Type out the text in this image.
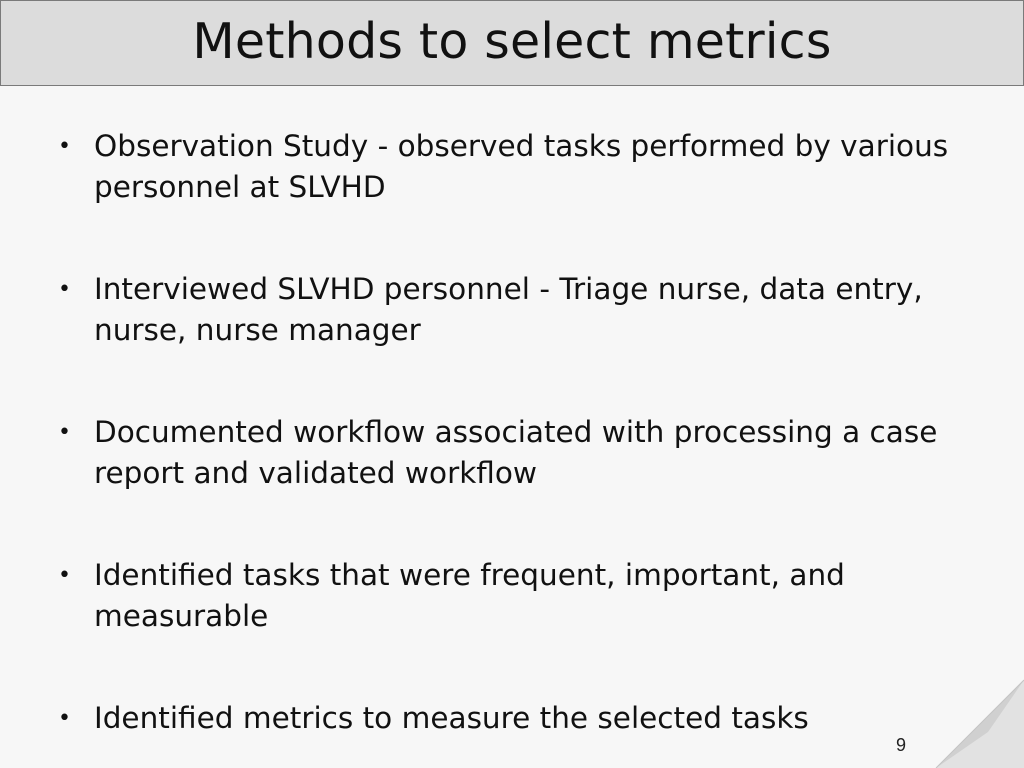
Methods to select metrics
• Observation Study - observed tasks performed by various personnel at SLVHD
• Interviewed SLVHD personnel - Triage nurse, data entry, nurse, nurse manager
• Documented workflow associated with processing a case report and validated workflow
• Identified tasks that were frequent, important, and measurable
• Identified metrics to measure the selected tasks
9
